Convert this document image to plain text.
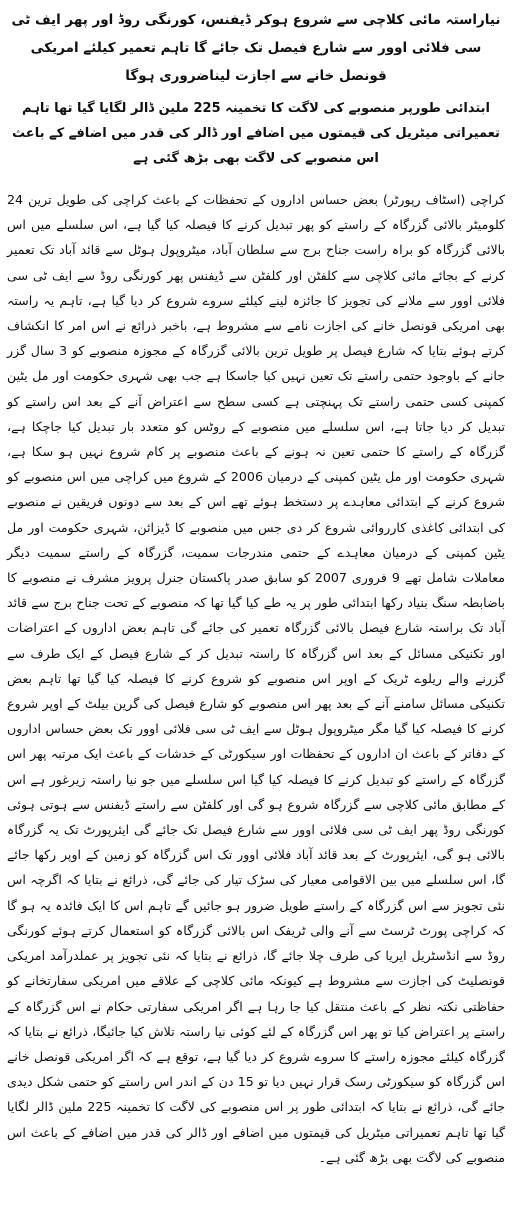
نیاراستہ مائی کلاچی سے شروع ہوکر ڈیفنس، کورنگی روڈ اور پھر ایف ٹی سی فلائی اوور سے شارع فیصل تک جائے گا تاہم تعمیر کیلئے امریکی قونصل خانے سے اجازت لیناضروری ہوگا
ابتدائی طورپر منصوبے کی لاگت کا تخمینہ 225 ملین ڈالر لگایا گیا تھا تاہم تعمیراتی میٹریل کی قیمتوں میں اضافے اور ڈالر کی قدر میں اضافے کے باعث اس منصوبے کی لاگت بھی بڑھ گئی ہے

کراچی (اسٹاف رپورٹر) بعض حساس اداروں کے تحفظات کے باعث کراچی کی طویل ترین 24 کلومیٹر بالائی گزرگاہ کے راستے کو پھر تبدیل کرنے کا فیصلہ کیا گیا ہے، اس سلسلے میں اس بالائی گزرگاہ کو براہ راست جناح برج سے سلطان آباد، میٹروپول ہوٹل سے قائد آباد تک تعمیر کرنے کے بجائے مائی کلاچی سے کلفٹن اور کلفٹن سے ڈیفنس پھر کورنگی روڈ سے ایف ٹی سی فلائی اوور سے ملانے کی تجویز کا جائزہ لینے کیلئے سروے شروع کر دیا گیا ہے، تاہم یہ راستہ بھی امریکی قونصل خانے کی اجازت نامے سے مشروط ہے، باخبر ذرائع نے اس امر کا انکشاف کرتے ہوئے بتایا کہ شارع فیصل پر طویل ترین بالائی گزرگاہ کے مجوزہ منصوبے کو 3 سال گزر جانے کے باوجود حتمی راستے تک تعین نہیں کیا جاسکا ہے جب بھی شہری حکومت اور مل یٹین کمپنی کسی حتمی راستے تک پہنچتی ہے کسی سطح سے اعتراض آنے کے بعد اس راستے کو تبدیل کر دیا جاتا ہے، اس سلسلے میں منصوبے کے روٹس کو متعدد بار تبدیل کیا جاچکا ہے، گزرگاہ کے راستے کا حتمی تعین نہ ہونے کے باعث منصوبے پر کام شروع نہیں ہو سکا ہے، شہری حکومت اور مل یٹین کمپنی کے درمیان 2006 کے شروع میں کراچی میں اس منصوبے کو شروع کرنے کے ابتدائی معاہدے پر دستخط ہوئے تھے اس کے بعد سے دونوں فریقین نے منصوبے کی ابتدائی کاغذی کارروائی شروع کر دی جس میں منصوبے کا ڈیزائن، شہری حکومت اور مل یٹین کمپنی کے درمیان معاہدے کے حتمی مندرجات سمیت، گزرگاہ کے راستے سمیت دیگر معاملات شامل تھے 9 فروری 2007 کو سابق صدر پاکستان جنرل پرویز مشرف نے منصوبے کا باضابطہ سنگ بنیاد رکھا ابتدائی طور پر یہ طے کیا گیا تھا کہ منصوبے کے تحت جناح برج سے قائد آباد تک براستہ شارع فیصل بالائی گزرگاہ تعمیر کی جائے گی تاہم بعض اداروں کے اعتراضات اور تکنیکی مسائل کے بعد اس گزرگاہ کا راستہ تبدیل کر کے شارع فیصل کے ایک طرف سے گزرنے والے ریلوے ٹریک کے اوپر اس منصوبے کو شروع کرنے کا فیصلہ کیا گیا تھا تاہم بعض تکنیکی مسائل سامنے آنے کے بعد پھر اس منصوبے کو شارع فیصل کی گرین بیلٹ کے اوپر شروع کرنے کا فیصلہ کیا گیا مگر میٹروپول ہوٹل سے ایف ٹی سی فلائی اوور تک بعض حساس اداروں کے دفاتر کے باعث ان اداروں کے تحفظات اور سیکورٹی کے خدشات کے باعث ایک مرتبہ پھر اس گزرگاہ کے راستے کو تبدیل کرنے کا فیصلہ کیا گیا اس سلسلے میں جو نیا راستہ زیرغور ہے اس کے مطابق مائی کلاچی سے گزرگاہ شروع ہو گی اور کلفٹن سے راستے ڈیفنس سے ہوتی ہوئی کورنگی روڈ پھر ایف ٹی سی فلائی اوور سے شارع فیصل تک جائے گی ایئرپورٹ تک یہ گزرگاہ بالائی ہو گی، ایئرپورٹ کے بعد قائد آباد فلائی اوور تک اس گزرگاہ کو زمین کے اوپر رکھا جائے گا، اس سلسلے میں بین الاقوامی معیار کی سڑک تیار کی جائے گی، ذرائع نے بتایا کہ اگرچہ اس نئی تجویز سے اس گزرگاہ کے راستے طویل ضرور ہو جائیں گے تاہم اس کا ایک فائدہ یہ ہو گا کہ کراچی پورٹ ٹرسٹ سے آنے والی ٹریفک اس بالائی گزرگاہ کو استعمال کرتے ہوئے کورنگی روڈ سے انڈسٹریل ایریا کی طرف چلا جائے گا، ذرائع نے بتایا کہ نئی تجویز پر عملدرآمد امریکی قونصلیٹ کی اجازت سے مشروط ہے کیونکہ مائی کلاچی کے علاقے میں امریکی سفارتخانے کو حفاظتی نکتہ نظر کے باعث منتقل کیا جا رہا ہے اگر امریکی سفارتی حکام نے اس گزرگاہ کے راستے پر اعتراض کیا تو پھر اس گزرگاہ کے لئے کوئی نیا راستہ تلاش کیا جائیگا، ذرائع نے بتایا کہ گزرگاہ کیلئے مجوزہ راستے کا سروے شروع کر دیا گیا ہے، توقع ہے کہ اگر امریکی قونصل خانے اس گزرگاہ کو سیکورٹی رسک قرار نہیں دیا تو 15 دن کے اندر اس راستے کو حتمی شکل دیدی جائے گی، ذرائع نے بتایا کہ ابتدائی طور پر اس منصوبے کی لاگت کا تخمینہ 225 ملین ڈالر لگایا گیا تھا تاہم تعمیراتی میٹریل کی قیمتوں میں اضافے اور ڈالر کی قدر میں اضافے کے باعث اس منصوبے کی لاگت بھی بڑھ گئی ہے۔
